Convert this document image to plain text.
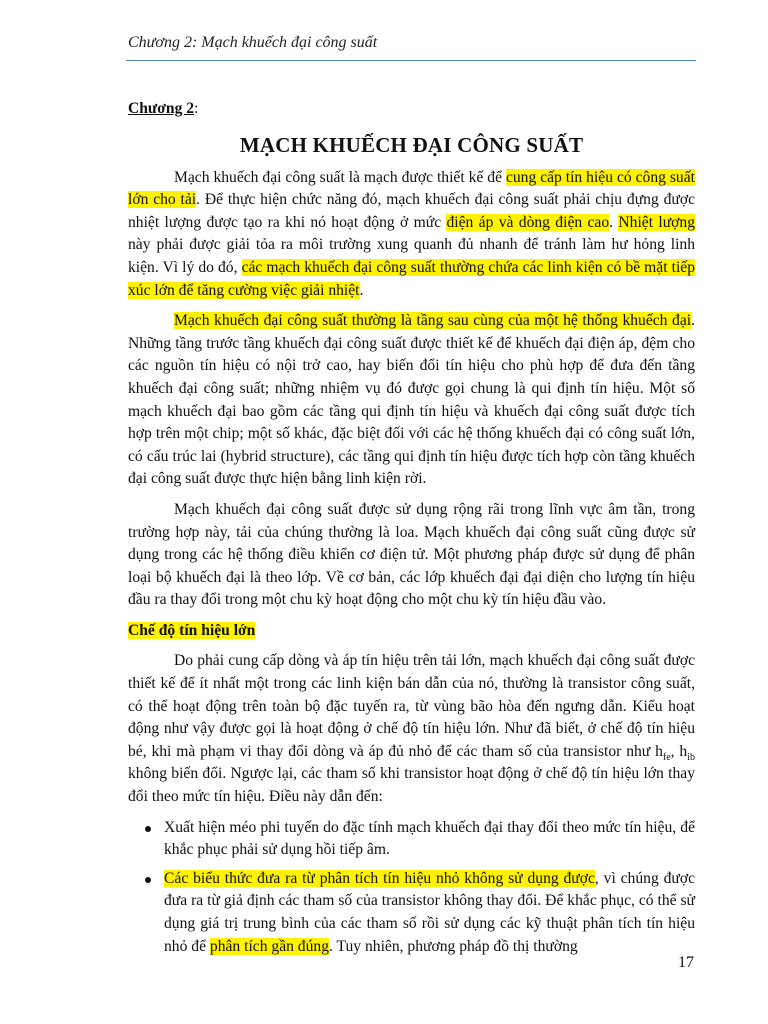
Chương 2: Mạch khuếch đại công suất

Chương 2:

MẠCH KHUẾCH ĐẠI CÔNG SUẤT

Mạch khuếch đại công suất là mạch được thiết kế để cung cấp tín hiệu có công suất lớn cho tải. Để thực hiện chức năng đó, mạch khuếch đại công suất phải chịu đựng được nhiệt lượng được tạo ra khi nó hoạt động ở mức điện áp và dòng điện cao. Nhiệt lượng này phải được giải tỏa ra môi trường xung quanh đủ nhanh để tránh làm hư hỏng linh kiện. Vì lý do đó, các mạch khuếch đại công suất thường chứa các linh kiện có bề mặt tiếp xúc lớn để tăng cường việc giải nhiệt.

Mạch khuếch đại công suất thường là tầng sau cùng của một hệ thống khuếch đại. Những tầng trước tầng khuếch đại công suất được thiết kế để khuếch đại điện áp, đệm cho các nguồn tín hiệu có nội trở cao, hay biến đổi tín hiệu cho phù hợp để đưa đến tầng khuếch đại công suất; những nhiệm vụ đó được gọi chung là qui định tín hiệu. Một số mạch khuếch đại bao gồm các tầng qui định tín hiệu và khuếch đại công suất được tích hợp trên một chip; một số khác, đặc biệt đối với các hệ thống khuếch đại có công suất lớn, có cấu trúc lai (hybrid structure), các tầng qui định tín hiệu được tích hợp còn tầng khuếch đại công suất được thực hiện bằng linh kiện rời.

Mạch khuếch đại công suất được sử dụng rộng rãi trong lĩnh vực âm tần, trong trường hợp này, tải của chúng thường là loa. Mạch khuếch đại công suất cũng được sử dụng trong các hệ thống điều khiển cơ điện tử. Một phương pháp được sử dụng để phân loại bộ khuếch đại là theo lớp. Về cơ bản, các lớp khuếch đại đại diện cho lượng tín hiệu đầu ra thay đổi trong một chu kỳ hoạt động cho một chu kỳ tín hiệu đầu vào.

Chế độ tín hiệu lớn

Do phải cung cấp dòng và áp tín hiệu trên tải lớn, mạch khuếch đại công suất được thiết kế để ít nhất một trong các linh kiện bán dẫn của nó, thường là transistor công suất, có thể hoạt động trên toàn bộ đặc tuyến ra, từ vùng bão hòa đến ngưng dẫn. Kiểu hoạt động như vậy được gọi là hoạt động ở chế độ tín hiệu lớn. Như đã biết, ở chế độ tín hiệu bé, khi mà phạm vi thay đổi dòng và áp đủ nhỏ để các tham số của transistor như $h_{fe}$, $h_{ib}$ không biến đổi. Ngược lại, các tham số khi transistor hoạt động ở chế độ tín hiệu lớn thay đổi theo mức tín hiệu. Điều này dẫn đến:

Xuất hiện méo phi tuyến do đặc tính mạch khuếch đại thay đổi theo mức tín hiệu, để khắc phục phải sử dụng hồi tiếp âm.
Các biểu thức đưa ra từ phân tích tín hiệu nhỏ không sử dụng được, vì chúng được đưa ra từ giả định các tham số của transistor không thay đổi. Để khắc phục, có thể sử dụng giá trị trung bình của các tham số rồi sử dụng các kỹ thuật phân tích tín hiệu nhỏ để phân tích gần đúng. Tuy nhiên, phương pháp đồ thị thường
17
